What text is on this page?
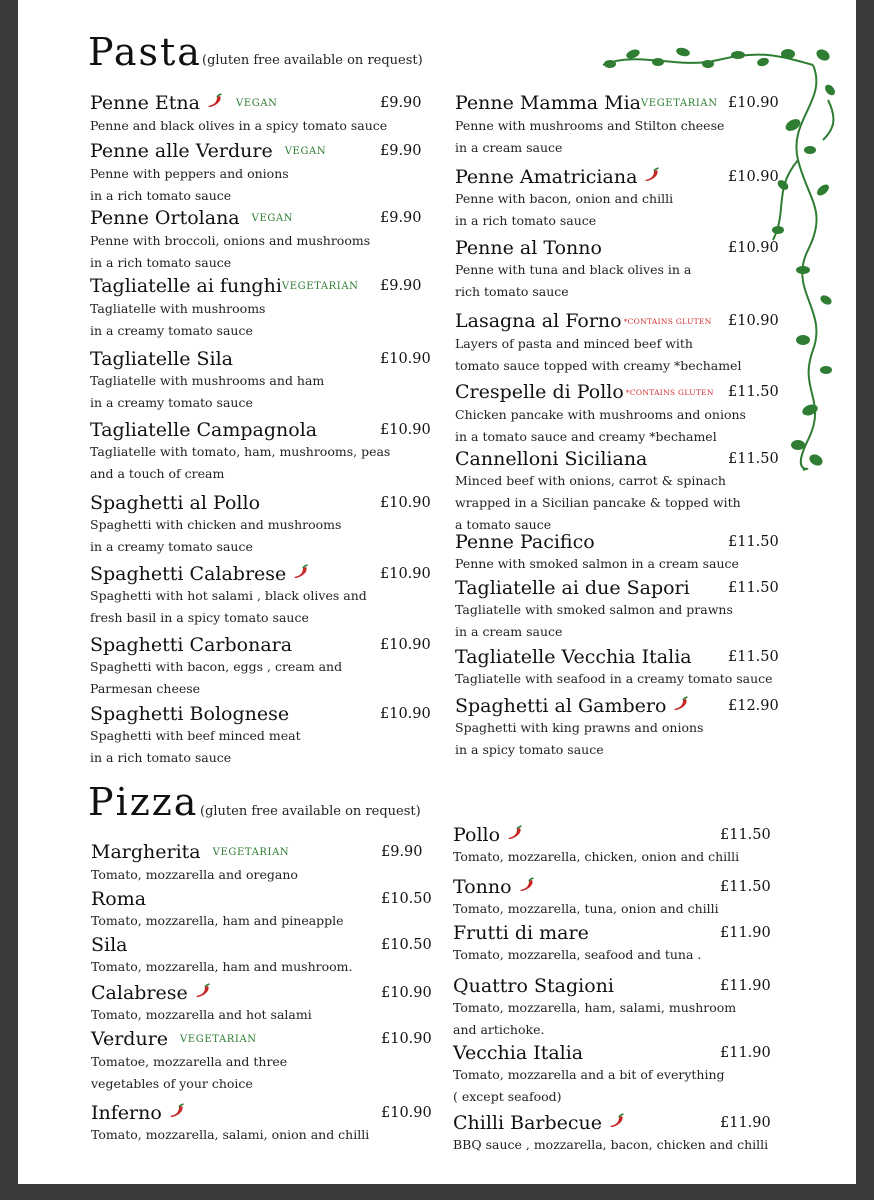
Pasta (gluten free available on request)
Pizza (gluten free available on request)
Penne Etna	VEGAN
Penne and black olives in a spicy tomato sauce
£9.90
Penne alle Verdure VEGAN
Penne with peppers and onions
in a rich tomato sauce
£9.90
Penne Ortolana VEGAN
Penne with broccoli, onions and mushrooms
in a rich tomato sauce
£9.90
Tagliatelle ai funghiVEGETARIAN
Tagliatelle with mushrooms
in a creamy tomato sauce
£9.90
Tagliatelle Sila
Tagliatelle with mushrooms and ham
in a creamy tomato sauce
£10.90
Tagliatelle Campagnola
Tagliatelle with tomato, ham, mushrooms, peas
and a touch of cream
£10.90
Spaghetti al Pollo
Spaghetti with chicken and mushrooms
in a creamy tomato sauce
£10.90
Spaghetti Calabrese
Spaghetti with hot salami , black olives and
fresh basil in a spicy tomato sauce
£10.90
Spaghetti Carbonara
Spaghetti with bacon, eggs , cream and
Parmesan cheese
£10.90
Spaghetti Bolognese
Spaghetti with beef minced meat
in a rich tomato sauce
£10.90
Penne Mamma MiaVEGETARIAN
Penne with mushrooms and Stilton cheese
in a cream sauce
£10.90
Penne Amatriciana
Penne with bacon, onion and chilli
in a rich tomato sauce
£10.90
Penne al Tonno
Penne with tuna and black olives in a
rich tomato sauce
£10.90
Lasagna al Forno *CONTAINS GLUTEN
Layers of pasta and minced beef with
tomato sauce topped with creamy *bechamel
£10.90
Crespelle di Pollo *CONTAINS GLUTEN
Chicken pancake with mushrooms and onions
in a tomato sauce and creamy *bechamel
£11.50
Cannelloni Siciliana
Minced beef with onions, carrot & spinach
wrapped in a Sicilian pancake & topped with
a tomato sauce
£11.50
Penne Pacifico
Penne with smoked salmon in a cream sauce
£11.50
Tagliatelle ai due Sapori
Tagliatelle with smoked salmon and prawns
in a cream sauce
£11.50
Tagliatelle Vecchia Italia
Tagliatelle with seafood in a creamy tomato sauce
£11.50
Spaghetti al Gambero
Spaghetti with king prawns and onions
in a spicy tomato sauce
£12.90
Margherita VEGETARIAN
Tomato, mozzarella and oregano
£9.90
Roma
Tomato, mozzarella, ham and pineapple
£10.50
Sila
Tomato, mozzarella, ham and mushroom.
£10.50
Calabrese
Tomato, mozzarella and hot salami
£10.90
Verdure VEGETARIAN
Tomatoe, mozzarella and three
vegetables of your choice
£10.90
Inferno
Tomato, mozzarella, salami, onion and chilli
£10.90
Pollo
Tomato, mozzarella, chicken, onion and chilli
£11.50
Tonno
Tomato, mozzarella, tuna, onion and chilli
£11.50
Frutti di mare
Tomato, mozzarella, seafood and tuna .
£11.90
Quattro Stagioni
Tomato, mozzarella, ham, salami, mushroom
and artichoke.
£11.90
Vecchia Italia
Tomato, mozzarella and a bit of everything
( except seafood)
£11.90
Chilli Barbecue
BBQ sauce , mozzarella, bacon, chicken and chilli
£11.90
